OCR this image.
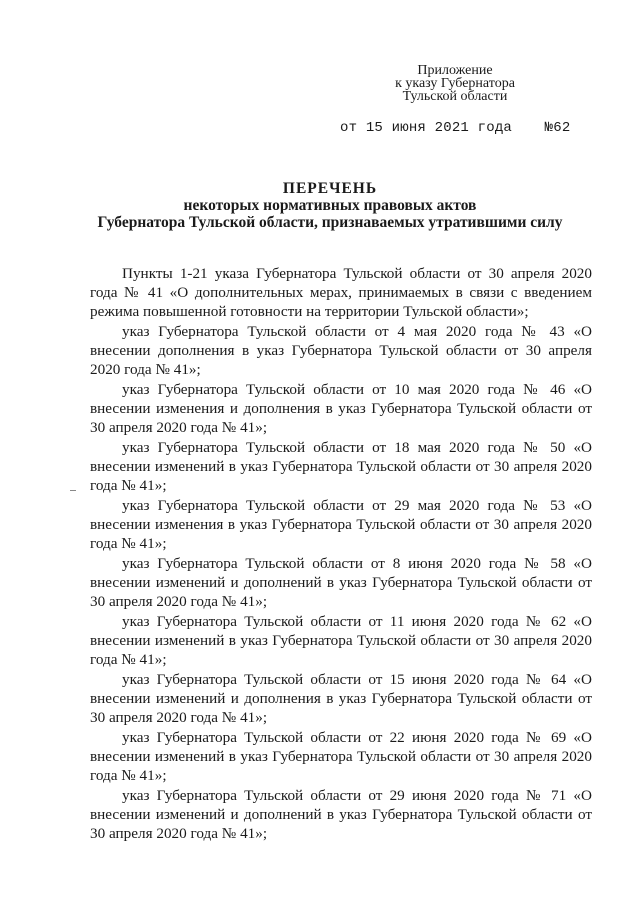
Приложение
к указу Губернатора
Тульской области
от 15 июня 2021 года №62
ПЕРЕЧЕНЬ
некоторых нормативных правовых актов
Губернатора Тульской области, признаваемых утратившими силу

Пункты 1-21 указа Губернатора Тульской области от 30 апреля 2020 года № 41 «О дополнительных мерах, принимаемых в связи с введением режима повышенной готовности на территории Тульской области»;

указ Губернатора Тульской области от 4 мая 2020 года № 43 «О внесении дополнения в указ Губернатора Тульской области от 30 апреля 2020 года № 41»;

указ Губернатора Тульской области от 10 мая 2020 года № 46 «О внесении изменения и дополнения в указ Губернатора Тульской области от 30 апреля 2020 года № 41»;

указ Губернатора Тульской области от 18 мая 2020 года № 50 «О внесении изменений в указ Губернатора Тульской области от 30 апреля 2020 года № 41»;

указ Губернатора Тульской области от 29 мая 2020 года № 53 «О внесении изменения в указ Губернатора Тульской области от 30 апреля 2020 года № 41»;

указ Губернатора Тульской области от 8 июня 2020 года № 58 «О внесении изменений и дополнений в указ Губернатора Тульской области от 30 апреля 2020 года № 41»;

указ Губернатора Тульской области от 11 июня 2020 года № 62 «О внесении изменений в указ Губернатора Тульской области от 30 апреля 2020 года № 41»;

указ Губернатора Тульской области от 15 июня 2020 года № 64 «О внесении изменений и дополнения в указ Губернатора Тульской области от 30 апреля 2020 года № 41»;

указ Губернатора Тульской области от 22 июня 2020 года № 69 «О внесении изменений в указ Губернатора Тульской области от 30 апреля 2020 года № 41»;

указ Губернатора Тульской области от 29 июня 2020 года № 71 «О внесении изменений и дополнений в указ Губернатора Тульской области от 30 апреля 2020 года № 41»;
